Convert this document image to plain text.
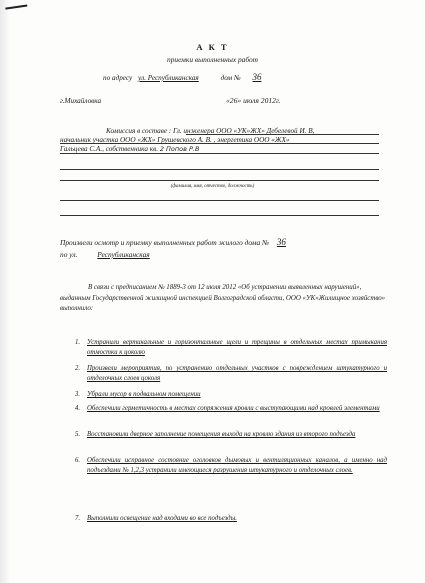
А К Т
приемки выполненных работ
по адресу ул. Республиканская	дом № 36
г.Михайловка	«26» июля 2012г.
Комиссия в составе : Гл. инженера ООО «УК»ЖХ» Дебелевой И. В,
начальник участка ООО «ЖХ» Грушевского А. В. , энергетика ООО «ЖХ»
Гальцева С.А., собственника кв. 2 Попов Р.В
(фамилия, имя, отчество, должность)
Произвели осмотр и приемку выполненных работ жилого дома № 36
по ул.	Республиканская
В связи с предписанием № 1889-3 от 12 июля 2012 «Об устранении выявленных нарушений», выданным Государственной жилищной инспекцией Волгоградской области, ООО «УК»Жилищное хозяйство» выполнило:
1.	Устранили вертикальные и горизонтальные щели и трещины в отдельных местах примыкания отмостки к цоколю
2.	Произвели мероприятия, по устранению отдельных участков с повреждением штукатурного и отделочных слоев цоколя
3.	Убрали мусор в подвальном помещении
4.	Обеспечили герметичность в местах сопряжения кровли с выступающими над кровлей элементами
5.	Восстановили дверное заполнение помещения выхода на кровлю здания из второго подъезда
6.	Обеспечили исправное состояние оголовков дымовых и вентиляционных каналов, а именно над подъездами № 1,2,3 устранили имеющиеся разрушения штукатурного и отделочных слоев.
7.	Выполнили освещение над входами во все подъезды.
